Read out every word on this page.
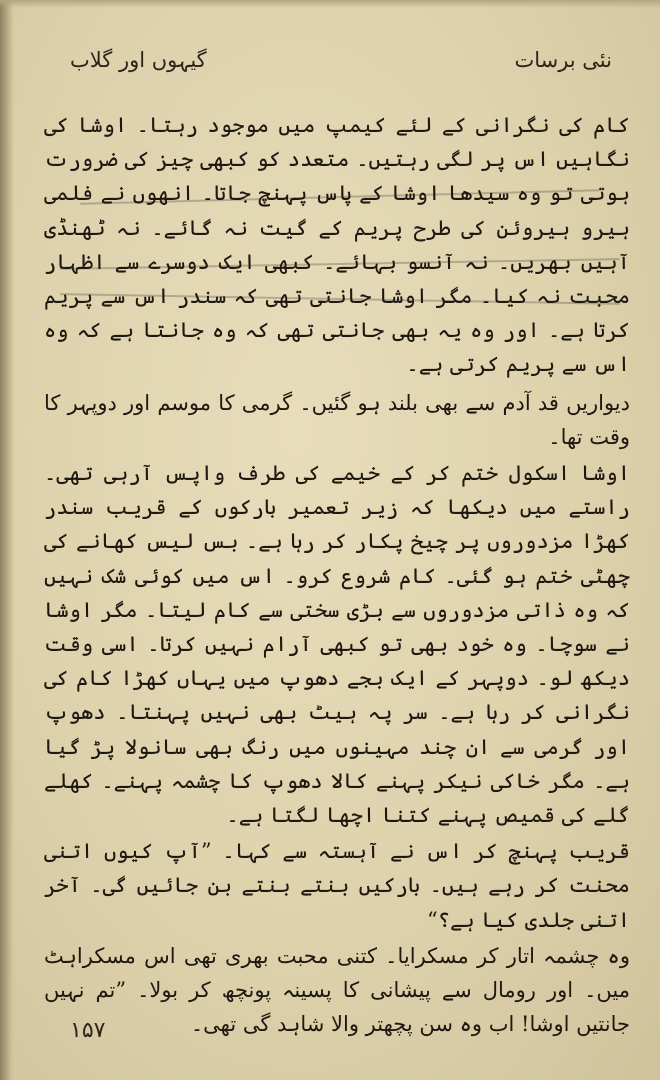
گیہوں اور گلاب	نئی برسات

کام کی نگرانی کے لئے کیمپ میں موجود رہتا۔ اوشا کی نگاہیں اس پر لگی رہتیں۔ متعدد کو کبھی چیز کی ضرورت ہوتی تو وہ سیدھا اوشا کے پاس پہنچ جاتا۔ انھوں نے فلمی ہیرو ہیروئن کی طرح پریم کے گیت نہ گائے۔ نہ ٹھنڈی آہیں بھریں۔ نہ آنسو بہائے۔ کبھی ایک دوسرے سے اظہار محبت نہ کیا۔ مگر اوشا جانتی تھی کہ سندر اس سے پریم کرتا ہے۔ اور وہ یہ بھی جانتی تھی کہ وہ جانتا ہے کہ وہ اس سے پریم کرتی ہے۔

دیواریں قد آدم سے بھی بلند ہو گئیں۔ گرمی کا موسم اور دوپہر کا وقت تھا۔

اوشا اسکول ختم کر کے خیمے کی طرف واپس آرہی تھی۔ راستے میں دیکھا کہ زیر تعمیر بارکوں کے قریب سندر کھڑا مزدوروں پر چیخ پکار کر رہا ہے۔ بس لیس کھانے کی چھٹی ختم ہو گئی۔ کام شروع کرو۔ اس میں کوئی شک نہیں کہ وہ ذاتی مزدوروں سے بڑی سختی سے کام لیتا۔ مگر اوشا نے سوچا۔ وہ خود بھی تو کبھی آرام نہیں کرتا۔ اسی وقت دیکھ لو۔ دوپہر کے ایک بجے دھوپ میں یہاں کھڑا کام کی نگرانی کر رہا ہے۔ سر پہ ہیٹ بھی نہیں پہنتا۔ دھوپ اور گرمی سے ان چند مہینوں میں رنگ بھی سانولا پڑ گیا ہے۔ مگر خاکی نیکر پہنے کالا دھوپ کا چشمہ پہنے۔ کھلے گلے کی قمیص پہنے کتنا اچھا لگتا ہے۔

قریب پہنچ کر اس نے آہستہ سے کہا۔ ”آپ کیوں اتنی محنت کر رہے ہیں۔ بارکیں بنتے بنتے بن جائیں گی۔ آخر اتنی جلدی کیا ہے؟“

وہ چشمہ اتار کر مسکرایا۔ کتنی محبت بھری تھی اس مسکراہٹ میں۔ اور رومال سے پیشانی کا پسینہ پونچھ کر بولا۔ ”تم نہیں جانتیں اوشا! اب وہ سن پچھتر والا شاہد گی تھی۔

۱۵۷
